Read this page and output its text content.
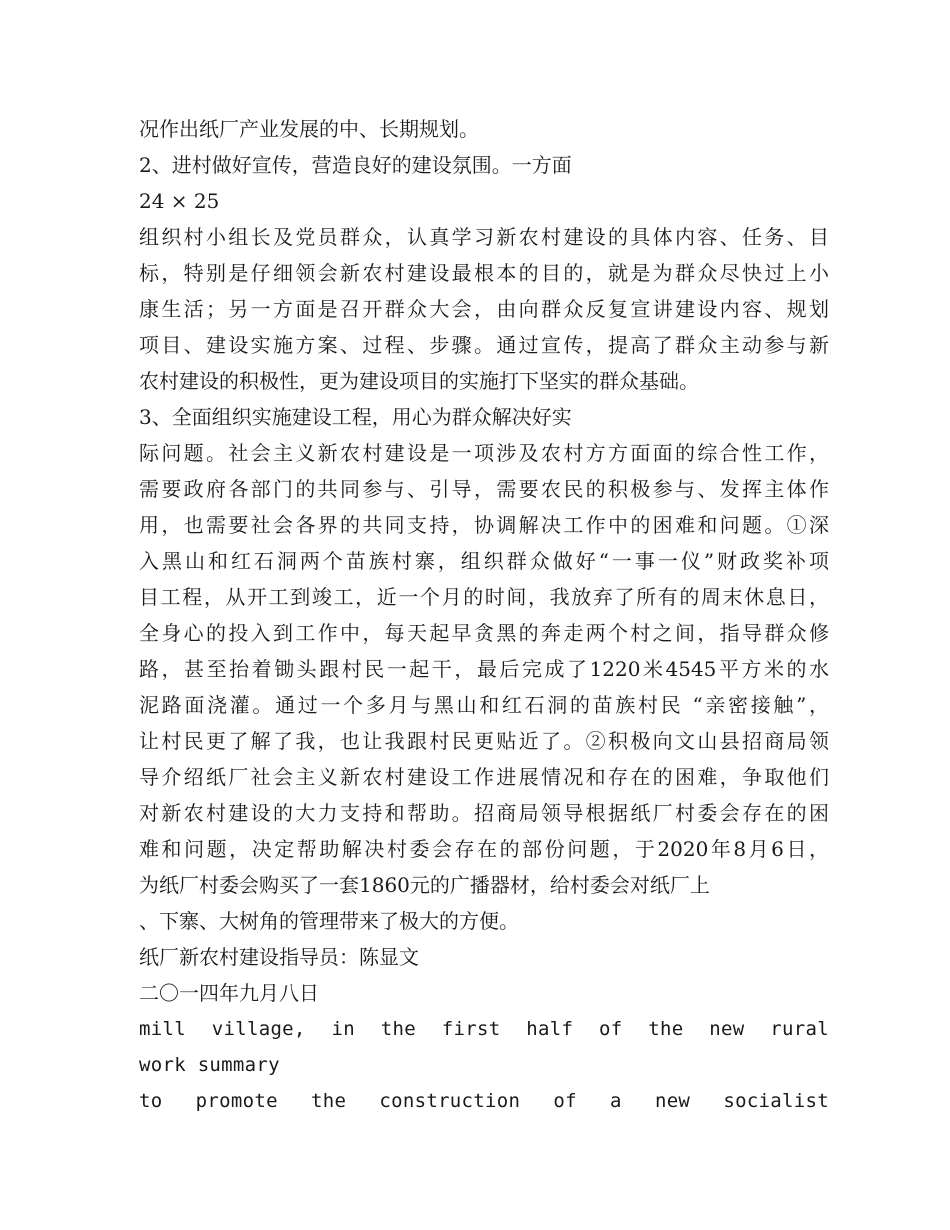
况作出纸厂产业发展的中、长期规划。
2、进村做好宣传，营造良好的建设氛围。一方面
24 × 25
组织村小组长及党员群众，认真学习新农村建设的具体内容、任务、目
标，特别是仔细领会新农村建设最根本的目的，就是为群众尽快过上小
康生活；另一方面是召开群众大会，由向群众反复宣讲建设内容、规划
项目、建设实施方案、过程、步骤。通过宣传，提高了群众主动参与新
农村建设的积极性，更为建设项目的实施打下坚实的群众基础。
3、全面组织实施建设工程，用心为群众解决好实
际问题。社会主义新农村建设是一项涉及农村方方面面的综合性工作，
需要政府各部门的共同参与、引导，需要农民的积极参与、发挥主体作
用，也需要社会各界的共同支持，协调解决工作中的困难和问题。①深
入黑山和红石洞两个苗族村寨，组织群众做好“一事一仪”财政奖补项
目工程，从开工到竣工，近一个月的时间，我放弃了所有的周末休息日，
全身心的投入到工作中，每天起早贪黑的奔走两个村之间，指导群众修
路，甚至抬着锄头跟村民一起干，最后完成了1220米4545平方米的水
泥路面浇灌。通过一个多月与黑山和红石洞的苗族村民 “亲密接触”，
让村民更了解了我，也让我跟村民更贴近了。②积极向文山县招商局领
导介绍纸厂社会主义新农村建设工作进展情况和存在的困难，争取他们
对新农村建设的大力支持和帮助。招商局领导根据纸厂村委会存在的困
难和问题，决定帮助解决村委会存在的部份问题，于2020年8月6日，
为纸厂村委会购买了一套1860元的广播器材，给村委会对纸厂上
、下寨、大树角的管理带来了极大的方便。
纸厂新农村建设指导员：陈显文
二〇一四年九月八日
mill village, in the first half of the new rural
work summary
to promote the construction of a new socialist
